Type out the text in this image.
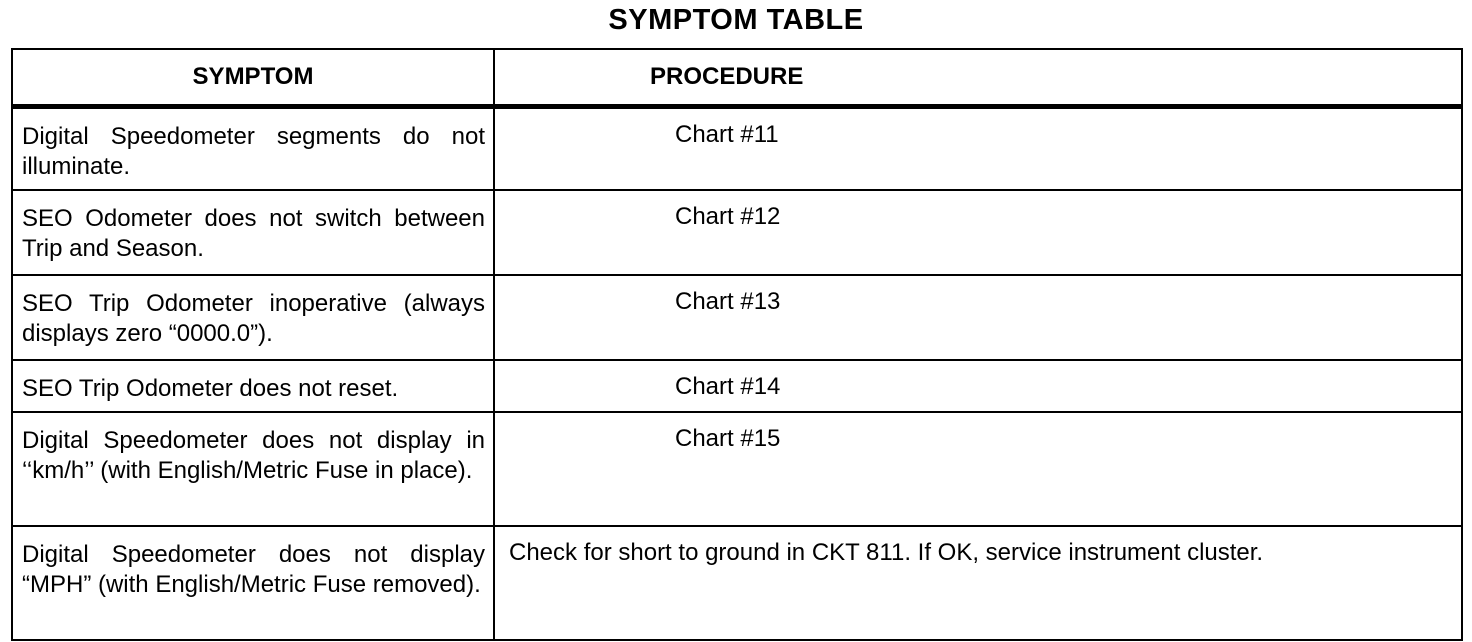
SYMPTOM TABLE
SYMPTOM	PROCEDURE
Digital Speedometer segments do not illuminate.	Chart #11
SEO Odometer does not switch between Trip and Season.	Chart #12
SEO Trip Odometer inoperative (always displays zero “0000.0”).	Chart #13
SEO Trip Odometer does not reset.	Chart #14
Digital Speedometer does not display in ‘‘km/h’’ (with English/Metric Fuse in place).	Chart #15
Digital Speedometer does not display “MPH” (with English/Metric Fuse removed).	Check for short to ground in CKT 811. If OK, service instrument cluster.
